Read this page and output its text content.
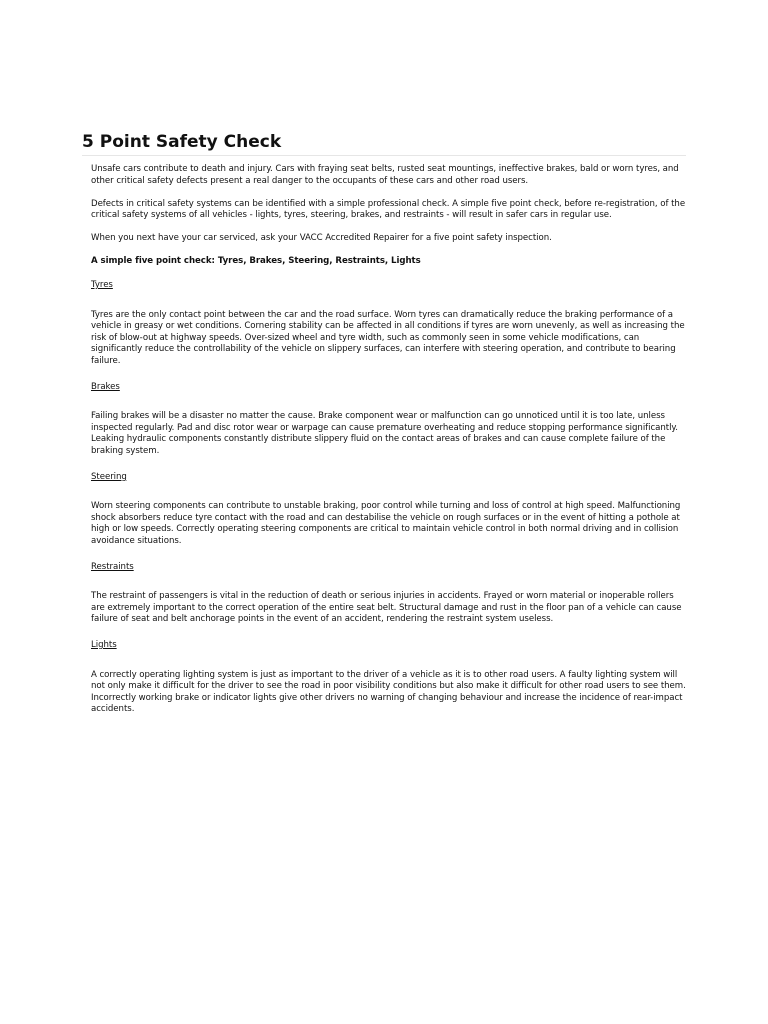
5 Point Safety Check

Unsafe cars contribute to death and injury. Cars with fraying seat belts, rusted seat mountings, ineffective brakes, bald or worn tyres, and other critical safety defects present a real danger to the occupants of these cars and other road users.

Defects in critical safety systems can be identified with a simple professional check. A simple five point check, before re-registration, of the critical safety systems of all vehicles - lights, tyres, steering, brakes, and restraints - will result in safer cars in regular use.

When you next have your car serviced, ask your VACC Accredited Repairer for a five point safety inspection.

A simple five point check: Tyres, Brakes, Steering, Restraints, Lights

Tyres

Tyres are the only contact point between the car and the road surface. Worn tyres can dramatically reduce the braking performance of a vehicle in greasy or wet conditions. Cornering stability can be affected in all conditions if tyres are worn unevenly, as well as increasing the risk of blow-out at highway speeds. Over-sized wheel and tyre width, such as commonly seen in some vehicle modifications, can significantly reduce the controllability of the vehicle on slippery surfaces, can interfere with steering operation, and contribute to bearing failure.

Brakes

Failing brakes will be a disaster no matter the cause. Brake component wear or malfunction can go unnoticed until it is too late, unless inspected regularly. Pad and disc rotor wear or warpage can cause premature overheating and reduce stopping performance significantly. Leaking hydraulic components constantly distribute slippery fluid on the contact areas of brakes and can cause complete failure of the braking system.

Steering

Worn steering components can contribute to unstable braking, poor control while turning and loss of control at high speed. Malfunctioning shock absorbers reduce tyre contact with the road and can destabilise the vehicle on rough surfaces or in the event of hitting a pothole at high or low speeds. Correctly operating steering components are critical to maintain vehicle control in both normal driving and in collision avoidance situations.

Restraints

The restraint of passengers is vital in the reduction of death or serious injuries in accidents. Frayed or worn material or inoperable rollers are extremely important to the correct operation of the entire seat belt. Structural damage and rust in the floor pan of a vehicle can cause failure of seat and belt anchorage points in the event of an accident, rendering the restraint system useless.

Lights

A correctly operating lighting system is just as important to the driver of a vehicle as it is to other road users. A faulty lighting system will not only make it difficult for the driver to see the road in poor visibility conditions but also make it difficult for other road users to see them. Incorrectly working brake or indicator lights give other drivers no warning of changing behaviour and increase the incidence of rear-impact accidents.
